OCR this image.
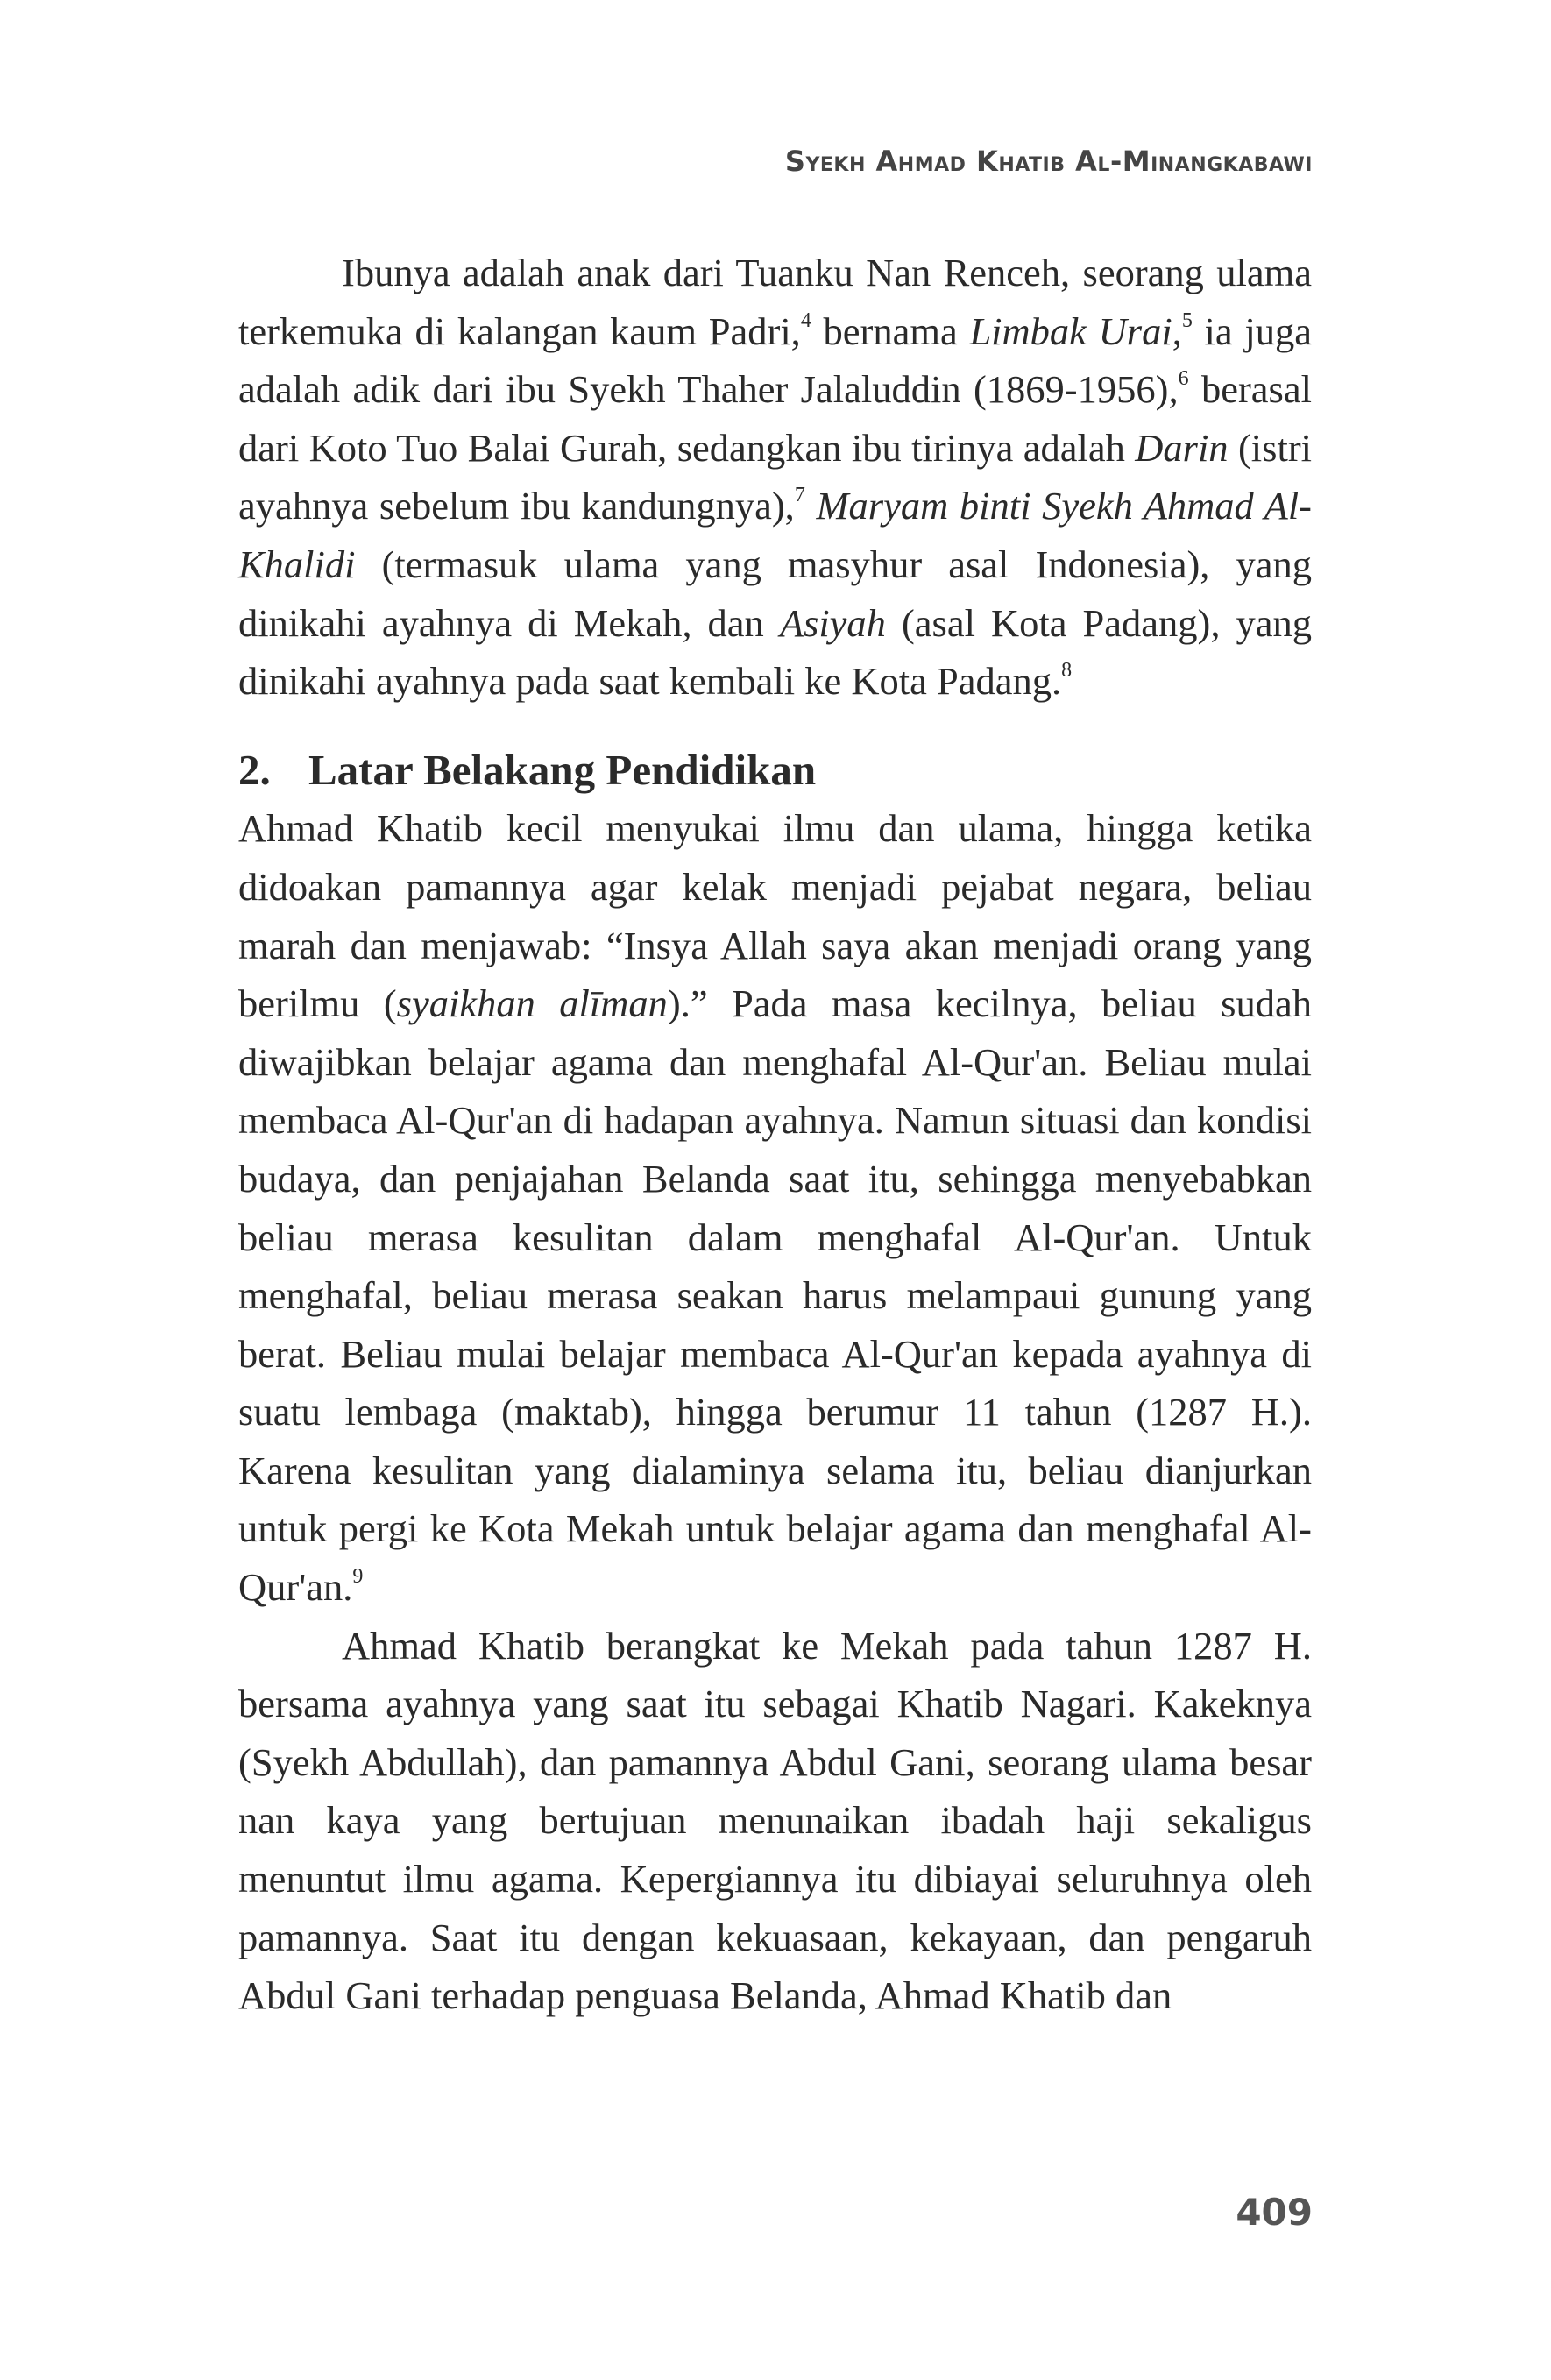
Syekh Ahmad Khatib Al-Minangkabawi

Ibunya adalah anak dari Tuanku Nan Renceh, seorang ulama terkemuka di kalangan kaum Padri,$^4$ bernama Limbak Urai,$^5$ ia juga adalah adik dari ibu Syekh Thaher Jalaluddin (1869-1956),$^6$ berasal dari Koto Tuo Balai Gurah, sedangkan ibu tirinya adalah Darin (istri ayahnya sebelum ibu kandungnya),$^7$ Maryam binti Syekh Ahmad Al-Khalidi (termasuk ulama yang masyhur asal Indonesia), yang dinikahi ayahnya di Mekah, dan Asiyah (asal Kota Padang), yang dinikahi ayahnya pada saat kembali ke Kota Padang.$^8$

2. Latar Belakang Pendidikan

Ahmad Khatib kecil menyukai ilmu dan ulama, hingga ketika didoakan pamannya agar kelak menjadi pejabat negara, beliau marah dan menjawab: “Insya Allah saya akan menjadi orang yang berilmu (syaikhan alīman).” Pada masa kecilnya, beliau sudah diwajibkan belajar agama dan menghafal Al-Qur'an. Beliau mulai membaca Al-Qur'an di hadapan ayahnya. Namun situasi dan kondisi budaya, dan penjajahan Belanda saat itu, sehingga menyebabkan beliau merasa kesulitan dalam menghafal Al-Qur'an. Untuk menghafal, beliau merasa seakan harus melampaui gunung yang berat. Beliau mulai belajar membaca Al-Qur'an kepada ayahnya di suatu lembaga (maktab), hingga berumur 11 tahun (1287 H.). Karena kesulitan yang dialaminya selama itu, beliau dianjurkan untuk pergi ke Kota Mekah untuk belajar agama dan menghafal Al-Qur'an.$^9$

Ahmad Khatib berangkat ke Mekah pada tahun 1287 H. bersama ayahnya yang saat itu sebagai Khatib Nagari. Kakeknya (Syekh Abdullah), dan pamannya Abdul Gani, seorang ulama besar nan kaya yang bertujuan menunaikan ibadah haji sekaligus menuntut ilmu agama. Kepergiannya itu dibiayai seluruhnya oleh pamannya. Saat itu dengan kekuasaan, kekayaan, dan pengaruh Abdul Gani terhadap penguasa Belanda, Ahmad Khatib dan

409
